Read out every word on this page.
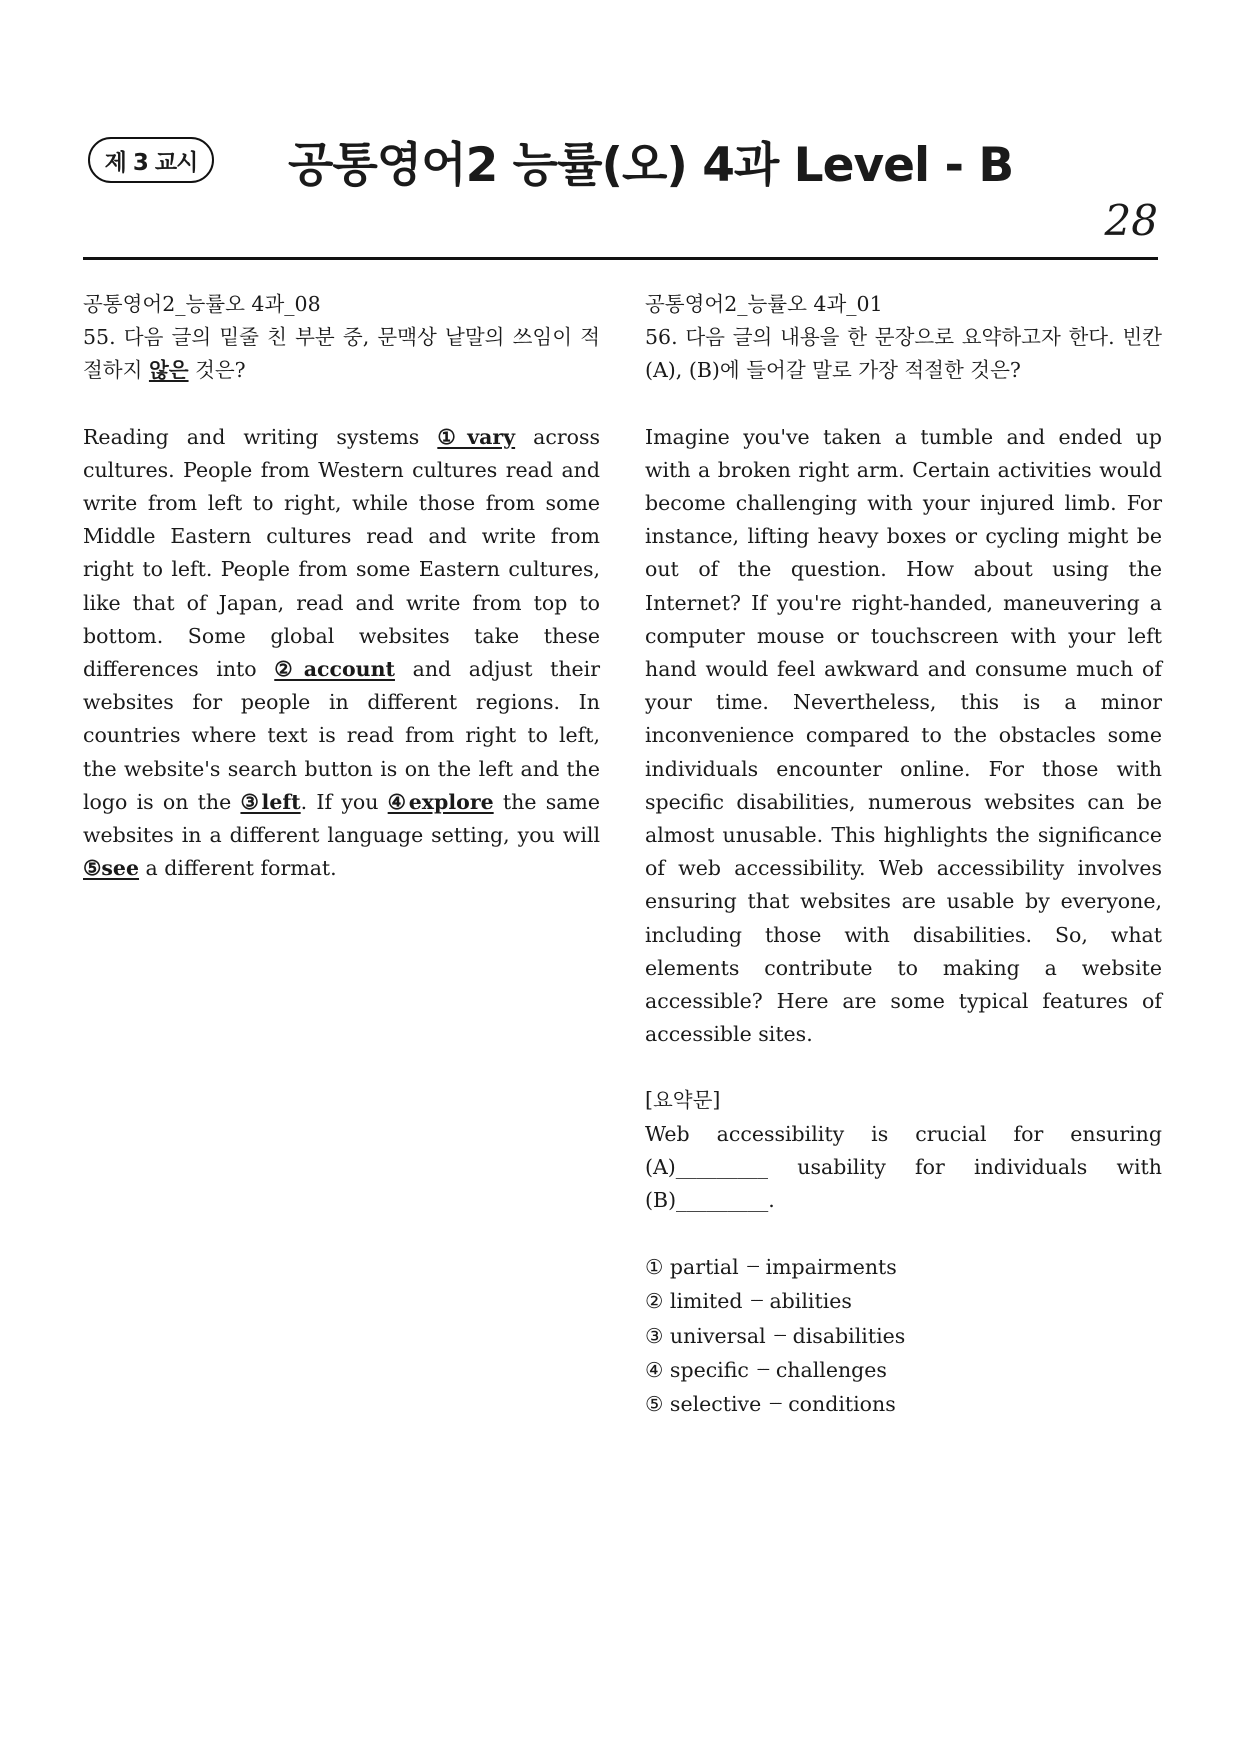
제 3 교시	공통영어2 능률(오) 4과 Level - B
28

공통영어2_능률오 4과_08

55. 다음 글의 밑줄 친 부분 중, 문맥상 낱말의 쓰임이 적절하지 않은 것은?

Reading and writing systems ①vary across cultures. People from Western cultures read and write from left to right, while those from some Middle Eastern cultures read and write from right to left. People from some Eastern cultures, like that of Japan, read and write from top to bottom. Some global websites take these differences into ②account and adjust their websites for people in different regions. In countries where text is read from right to left, the website's search button is on the left and the logo is on the ③left. If you ④explore the same websites in a different language setting, you will ⑤see a different format.

공통영어2_능률오 4과_01

56. 다음 글의 내용을 한 문장으로 요약하고자 한다. 빈칸 (A), (B)에 들어갈 말로 가장 적절한 것은?

Imagine you've taken a tumble and ended up with a broken right arm. Certain activities would become challenging with your injured limb. For instance, lifting heavy boxes or cycling might be out of the question. How about using the Internet? If you're right-handed, maneuvering a computer mouse or touchscreen with your left hand would feel awkward and consume much of your time. Nevertheless, this is a minor inconvenience compared to the obstacles some individuals encounter online. For those with specific disabilities, numerous websites can be almost unusable. This highlights the significance of web accessibility. Web accessibility involves ensuring that websites are usable by everyone, including those with disabilities. So, what elements contribute to making a website accessible? Here are some typical features of accessible sites.

[요약문]

Web accessibility is crucial for ensuring (A)_________ usability for individuals with (B)_________.

① partial ---- impairments
② limited ---- abilities
③ universal ---- disabilities
④ specific ---- challenges
⑤ selective ---- conditions
